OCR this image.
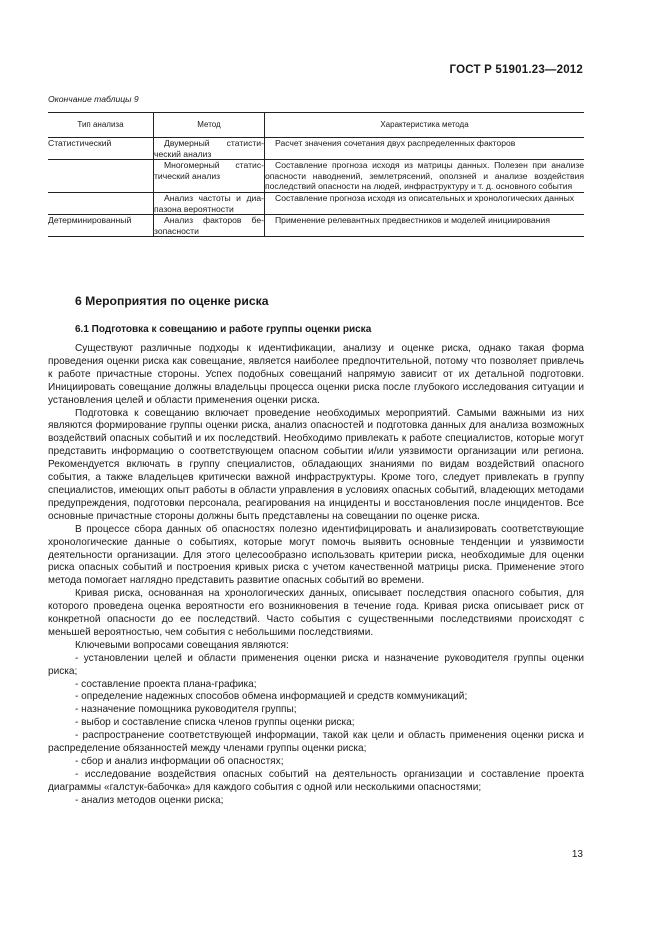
ГОСТ Р 51901.23—2012
Окончание таблицы 9
Тип анализа	Метод	Характеристика метода
Статистический	Двумерный статистический анализ	Расчет значения сочетания двух распределенных факторов
	Многомерный статистический анализ	Составление прогноза исходя из матрицы данных. Полезен при анализе опасности наводнений, землетрясений, оползней и анализе воздействия последствий опасности на людей, инфраструктуру и т. д. основного события
	Анализ частоты и диапазона вероятности	Составление прогноза исходя из описательных и хронологических данных
Детерминированный	Анализ факторов безопасности	Применение релевантных предвестников и моделей инициирования
6 Мероприятия по оценке риска
6.1 Подготовка к совещанию и работе группы оценки риска

Существуют различные подходы к идентификации, анализу и оценке риска, однако такая форма проведения оценки риска как совещание, является наиболее предпочтительной, потому что позволяет привлечь к работе причастные стороны. Успех подобных совещаний напрямую зависит от их детальной подготовки. Инициировать совещание должны владельцы процесса оценки риска после глубокого исследования ситуации и установления целей и области применения оценки риска.

Подготовка к совещанию включает проведение необходимых мероприятий. Самыми важными из них являются формирование группы оценки риска, анализ опасностей и подготовка данных для анализа возможных воздействий опасных событий и их последствий. Необходимо привлекать к работе специалистов, которые могут представить информацию о соответствующем опасном событии и/или уязвимости организации или региона. Рекомендуется включать в группу специалистов, обладающих знаниями по видам воздействий опасного события, а также владельцев критически важной инфраструктуры. Кроме того, следует привлекать в группу специалистов, имеющих опыт работы в области управления в условиях опасных событий, владеющих методами предупреждения, подготовки персонала, реагирования на инциденты и восстановления после инцидентов. Все основные причастные стороны должны быть представлены на совещании по оценке риска.

В процессе сбора данных об опасностях полезно идентифицировать и анализировать соответствующие хронологические данные о событиях, которые могут помочь выявить основные тенденции и уязвимости деятельности организации. Для этого целесообразно использовать критерии риска, необходимые для оценки риска опасных событий и построения кривых риска с учетом качественной матрицы риска. Применение этого метода помогает наглядно представить развитие опасных событий во времени.

Кривая риска, основанная на хронологических данных, описывает последствия опасного события, для которого проведена оценка вероятности его возникновения в течение года. Кривая риска описывает риск от конкретной опасности до ее последствий. Часто события с существенными последствиями происходят с меньшей вероятностью, чем события с небольшими последствиями.

Ключевыми вопросами совещания являются:

- установлении целей и области применения оценки риска и назначение руководителя группы оценки риска;

- составление проекта плана-графика;

- определение надежных способов обмена информацией и средств коммуникаций;

- назначение помощника руководителя группы;

- выбор и составление списка членов группы оценки риска;

- распространение соответствующей информации, такой как цели и область применения оценки риска и распределение обязанностей между членами группы оценки риска;

- сбор и анализ информации об опасностях;

- исследование воздействия опасных событий на деятельность организации и составление проекта диаграммы «галстук-бабочка» для каждого события с одной или несколькими опасностями;

- анализ методов оценки риска;

13
